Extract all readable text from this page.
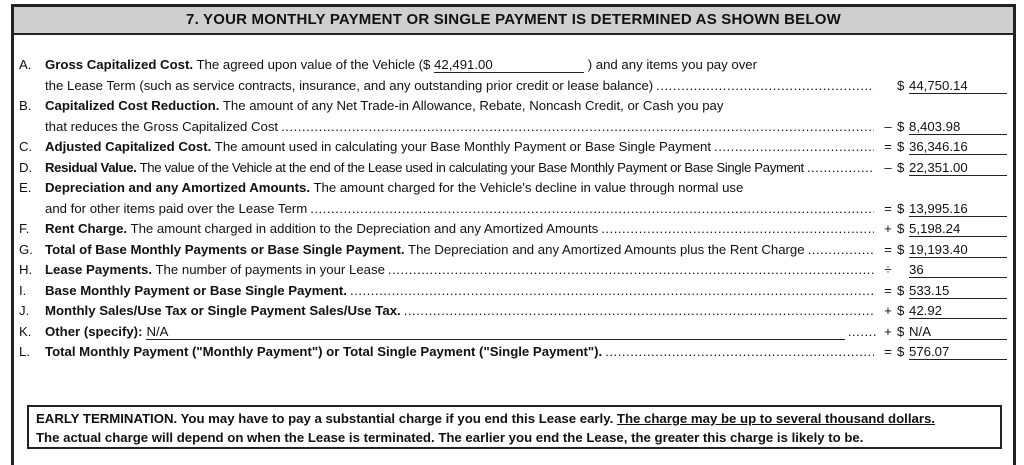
7. YOUR MONTHLY PAYMENT OR SINGLE PAYMENT IS DETERMINED AS SHOWN BELOW
A. Gross Capitalized Cost. The agreed upon value of the Vehicle ($ 42,491.00	) and any items you pay over
the Lease Term (such as service contracts, insurance, and any outstanding prior credit or lease balance) .....	$ 44,750.14
B. Capitalized Cost Reduction. The amount of any Net Trade-in Allowance, Rebate, Noncash Credit, or Cash you pay
that reduces the Gross Capitalized Cost .....	– $ 8,403.98
C. Adjusted Capitalized Cost. The amount used in calculating your Base Monthly Payment or Base Single Payment .....	= $ 36,346.16
D. Residual Value. The value of the Vehicle at the end of the Lease used in calculating your Base Monthly Payment or Base Single Payment .....	– $ 22,351.00
E. Depreciation and any Amortized Amounts. The amount charged for the Vehicle's decline in value through normal use
and for other items paid over the Lease Term .....	= $ 13,995.16
F. Rent Charge. The amount charged in addition to the Depreciation and any Amortized Amounts .....	+ $ 5,198.24
G. Total of Base Monthly Payments or Base Single Payment. The Depreciation and any Amortized Amounts plus the Rent Charge .....	= $ 19,193.40
H. Lease Payments. The number of payments in your Lease .....	÷	36
I. Base Monthly Payment or Base Single Payment. .....	= $ 533.15
J. Monthly Sales/Use Tax or Single Payment Sales/Use Tax. .....	+ $ 42.92
K. Other (specify): N/A	....... + $ N/A
L. Total Monthly Payment ("Monthly Payment") or Total Single Payment ("Single Payment"). .....	= $ 576.07
EARLY TERMINATION. You may have to pay a substantial charge if you end this Lease early. The charge may be up to several thousand dollars.
The actual charge will depend on when the Lease is terminated. The earlier you end the Lease, the greater this charge is likely to be.
